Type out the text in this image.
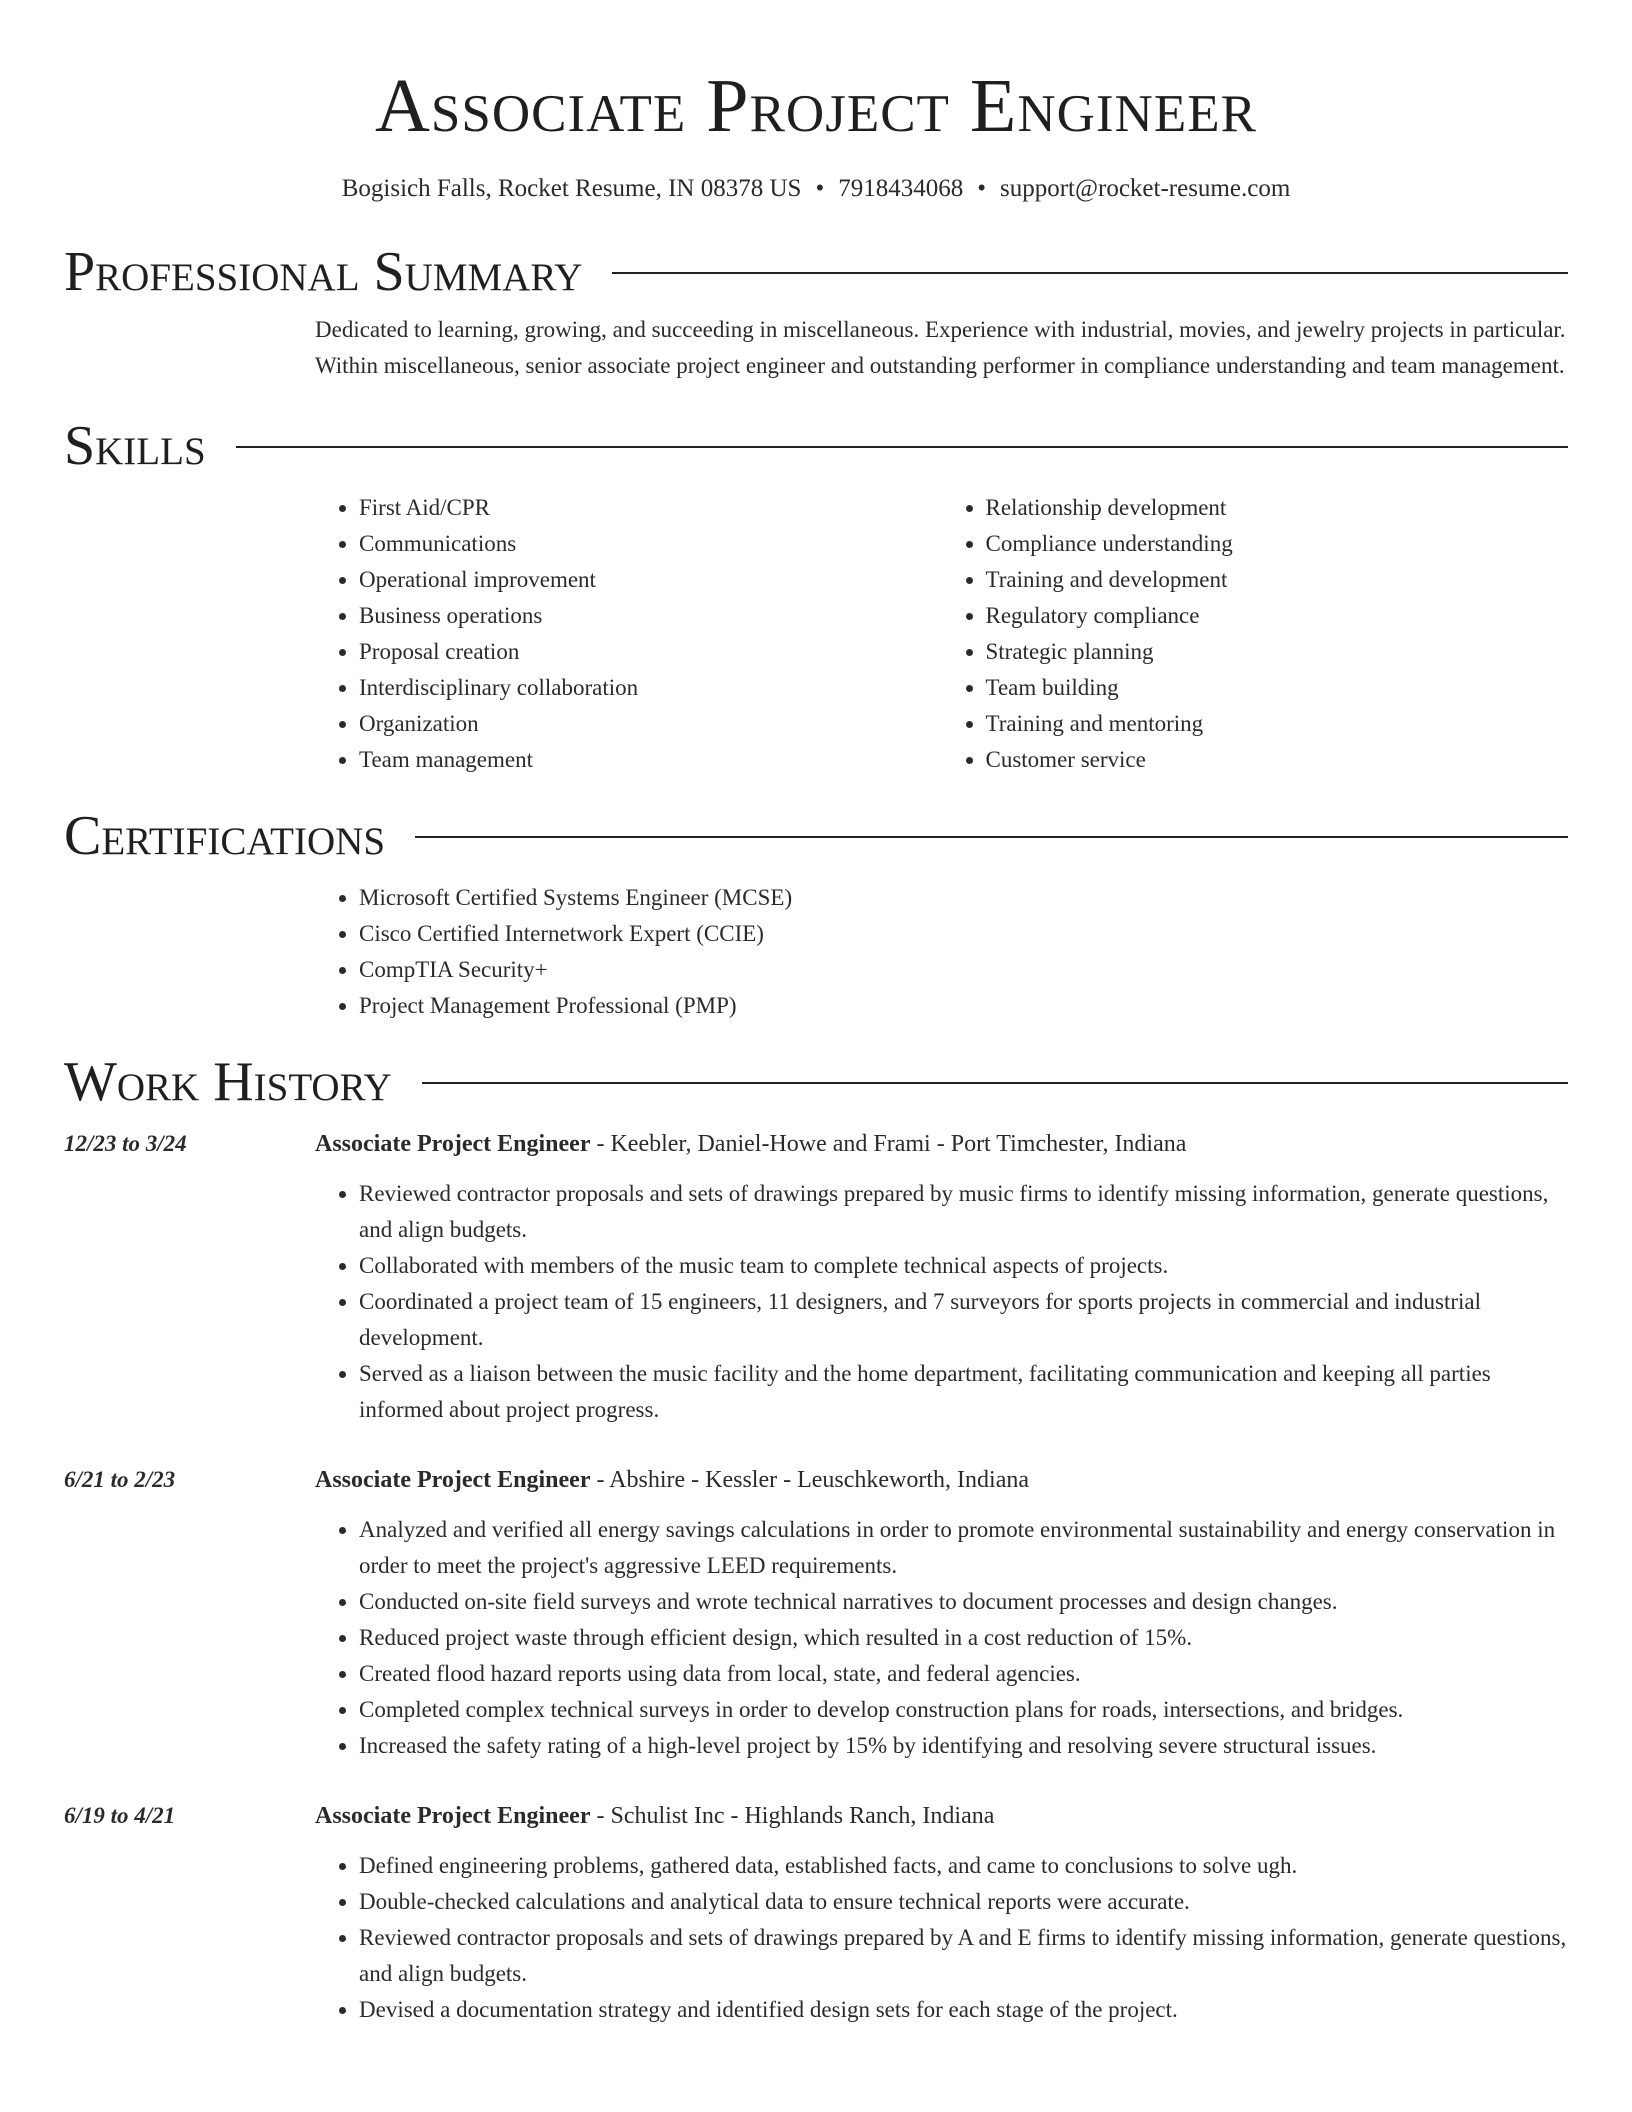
Associate Project Engineer
Bogisich Falls, Rocket Resume, IN 08378 US • 7918434068 • support@rocket-resume.com
Professional Summary
Dedicated to learning, growing, and succeeding in miscellaneous. Experience with industrial, movies, and jewelry projects in particular. Within miscellaneous, senior associate project engineer and outstanding performer in compliance understanding and team management.
Skills
• First Aid/CPR
• Communications
• Operational improvement
• Business operations
• Proposal creation
• Interdisciplinary collaboration
• Organization
• Team management
• Relationship development
• Compliance understanding
• Training and development
• Regulatory compliance
• Strategic planning
• Team building
• Training and mentoring
• Customer service
Certifications
• Microsoft Certified Systems Engineer (MCSE)
• Cisco Certified Internetwork Expert (CCIE)
• CompTIA Security+
• Project Management Professional (PMP)
Work History
12/23 to 3/24	Associate Project Engineer - Keebler, Daniel-Howe and Frami - Port Timchester, Indiana
• Reviewed contractor proposals and sets of drawings prepared by music firms to identify missing information, generate questions, and align budgets.
• Collaborated with members of the music team to complete technical aspects of projects.
• Coordinated a project team of 15 engineers, 11 designers, and 7 surveyors for sports projects in commercial and industrial development.
• Served as a liaison between the music facility and the home department, facilitating communication and keeping all parties informed about project progress.
6/21 to 2/23	Associate Project Engineer - Abshire - Kessler - Leuschkeworth, Indiana
• Analyzed and verified all energy savings calculations in order to promote environmental sustainability and energy conservation in order to meet the project's aggressive LEED requirements.
• Conducted on-site field surveys and wrote technical narratives to document processes and design changes.
• Reduced project waste through efficient design, which resulted in a cost reduction of 15%.
• Created flood hazard reports using data from local, state, and federal agencies.
• Completed complex technical surveys in order to develop construction plans for roads, intersections, and bridges.
• Increased the safety rating of a high-level project by 15% by identifying and resolving severe structural issues.
6/19 to 4/21	Associate Project Engineer - Schulist Inc - Highlands Ranch, Indiana
• Defined engineering problems, gathered data, established facts, and came to conclusions to solve ugh.
• Double-checked calculations and analytical data to ensure technical reports were accurate.
• Reviewed contractor proposals and sets of drawings prepared by A and E firms to identify missing information, generate questions, and align budgets.
• Devised a documentation strategy and identified design sets for each stage of the project.
